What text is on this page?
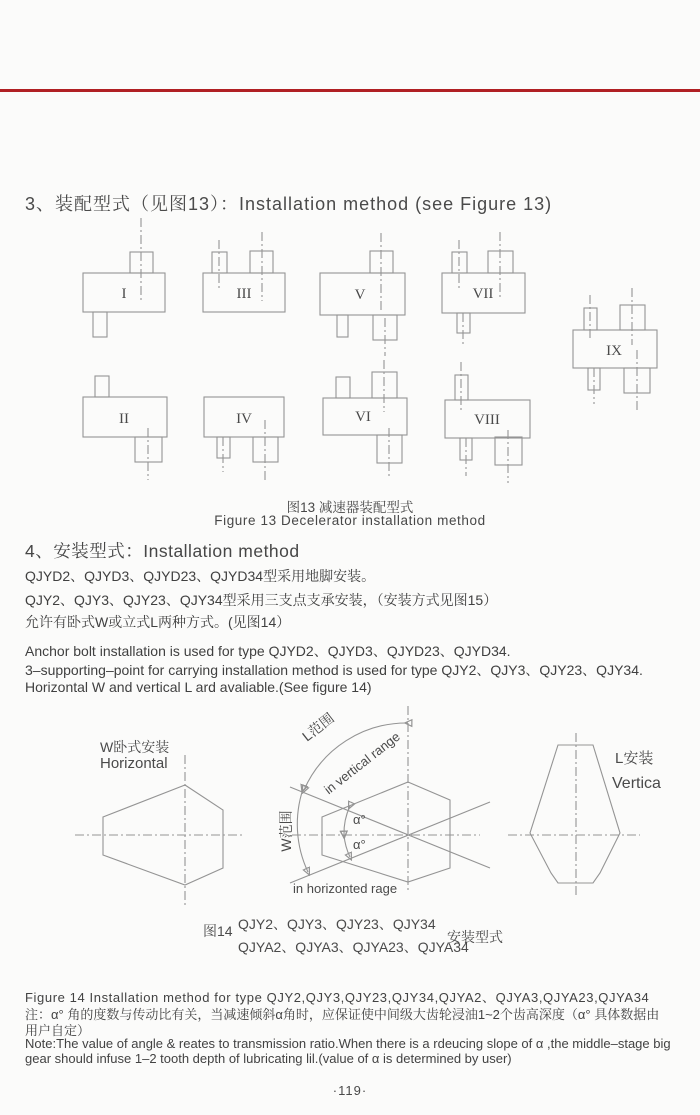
3、装配型式（见图13）：Installation method (see Figure 13)
I	III	V	VII
IX
II	IV	VI	VIII
图13 减速器装配型式
Figure 13 Decelerator installation method
4、安装型式：Installation method
QJYD2、QJYD3、QJYD23、QJYD34型采用地脚安装。
QJY2、QJY3、QJY23、QJY34型采用三支点支承安装，（安装方式见图15）
允许有卧式W或立式L两种方式。(见图14）
Anchor bolt installation is used for type QJYD2、QJYD3、QJYD23、QJYD34.
3–supporting–point for carrying installation method is used for type QJY2、QJY3、QJY23、QJY34.
Horizontal W and vertical L ard avaliable.(See figure 14)
W卧式安装
Horizontal
L范围
in vertical range
W范围	α°
α°
in horizonted rage
L安装
Vertica
图14 QJY2、QJY3、QJY23、QJY34
QJYA2、QJYA3、QJYA23、QJYA34
安装型式
Figure 14 Installation method for type QJY2,QJY3,QJY23,QJY34,QJYA2、QJYA3,QJYA23,QJYA34
注：α° 角的度数与传动比有关，当减速倾斜α角时，应保证使中间级大齿轮浸油1~2个齿高深度（α° 具体数据由
用户自定）
Note:The value of angle & reates to transmission ratio.When there is a rdeucing slope of α ,the middle–stage big
gear should infuse 1–2 tooth depth of lubricating lil.(value of α is determined by user)
·119·
